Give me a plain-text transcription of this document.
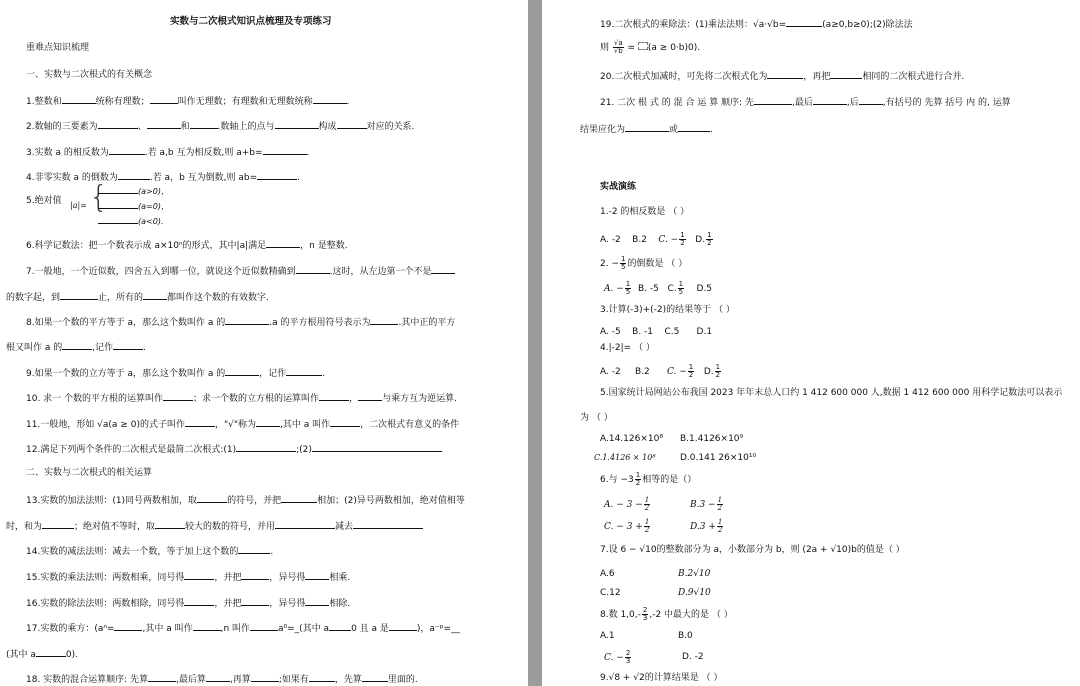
实数与二次根式知识点梳理及专项练习
重难点知识梳理
一、实数与二次根式的有关概念
1.整数和	统称有理数；	叫作无理数；有理数和无理数统称	.
2.数轴的三要素为	、	和	.数轴上的点与	构成	对应的关系.
3.实数 a 的相反数为	.若 a,b 互为相反数,则 a+b=	.
4.非零实数 a 的倒数为	.若 a，b 互为倒数,则 ab=	.
5.绝对值 |a|= {	(a>0)，
(a=0)，
(a<0).
6.科学记数法：把一个数表示成 a×10ⁿ的形式，其中|a|满足	，n 是整数.
7.一般地，一个近似数，四舍五入到哪一位，就说这个近似数精确到	.这时，从左边第一个不是
的数字起，到	止，所有的	都叫作这个数的有效数字.
8.如果一个数的平方等于 a，那么这个数叫作 a 的	.a 的平方根用符号表示为	.其中正的平方
根又叫作 a 的	,记作	.
9.如果一个数的立方等于 a，那么这个数叫作 a 的	，记作	.
10. 求一 个数的平方根的运算叫作	；求一个数的立方根的运算叫作	，	与乘方互为逆运算.
11.一般地，形如 √a(a ≥ 0)的式子叫作	，"√"称为	,其中 a 叫作	，二次根式有意义的条件
12.满足下列两个条件的二次根式是最简二次根式:(1)	;(2)
二、实数与二次根式的相关运算
13.实数的加法法则：(1)同号两数相加，取	的符号，并把	相加；(2)异号两数相加，绝对值相等
时，和为	；绝对值不等时，取	较大的数的符号，并用	减去
14.实数的减法法则：减去一个数，等于加上这个数的	.
15.实数的乘法法则：两数相乘，同号得	，并把	，异号得	相乘.
16.实数的除法法则：两数相除，同号得	，并把	，异号得	相除.
17.实数的乘方：(aⁿ=	,其中 a 叫作	,n 叫作	a⁰=_(其中 a 0 且 a 是	)，a⁻ᵖ=__
(其中 a	0).
18. 实数的混合运算顺序: 先算	,最后算	,再算	;如果有	，先算	里面的.
19.二次根式的乘除法：(1)乘法法则：√a·√b=	(a≥0,b≥0);(2)除法法
则 $\frac{√a}{√b} = (a \ge 0\cdot b)0$).
20.二次根式加减时，可先将二次根式化为	，再把	相同的二次根式进行合并.
21. 二次 根 式 的 混 合 运 算 顺序: 先	,最后	,后	,有括号的 先算 括号 内 的, 运算
结果应化为	或	.
实战演练
1.-2 的相反数是 （ ）
A. -2 B.2 C. − $\frac{1}{2} D$. $\frac{1}{2}$
2. − $\frac{1}{5}$ 的倒数是 （ ）
A. − $\frac{1}{5} B$. -5 C. $\frac{1}{5} D.5$
3.计算(-3)+(-2)的结果等于 （ ）
A. -5 B. -1 C.5 D.1
4.|-2|= （ ）
A. -2 B.2 C. − $\frac{1}{2} D$. $\frac{1}{2}$
5.国家统计局网站公布我国 2023 年年末总人口约 1 412 600 000 人,数据 1 412 600 000 用科学记数法可以表示
为 （ ）
A.14.126×10⁸ B.1.4126×10⁹
C.1.4126 × 10⁸	D.0.141 26×10¹⁰
6.与 $-3 \frac{1}{2}$ 相等的是（）
A. − $3 - \frac{1}{2}$	$B.3 - \frac{1}{2}$
C. − $3 + \frac{1}{2}$	$D.3 + \frac{1}{2}$
7.设 6 − √10的整数部分为 a，小数部分为 b，则 (2a + √10)b的值是（ ）
A.6	B.2√10
C.12	D.9√10
8.数 $1,0,- \frac{2}{3} ,-2$ 中最大的是 （ ）
A.1	B.0
C. − $\frac{2}{3}$	D. -2
9.√8 + √2的计算结果是 （ ）
